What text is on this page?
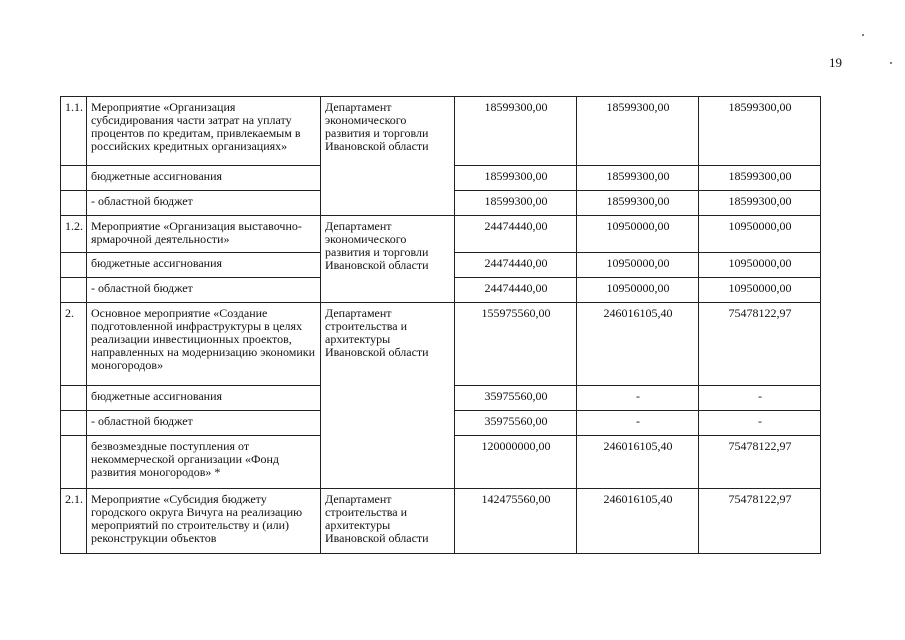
19
1.1.	Мероприятие «Организация субсидирования части затрат на уплату процентов по кредитам, привлекаемым в российских кредитных организациях»	Департамент экономического развития и торговли Ивановской области	18599300,00	18599300,00	18599300,00
	бюджетные ассигнования		18599300,00	18599300,00	18599300,00
	- областной бюджет		18599300,00	18599300,00	18599300,00
1.2.	Мероприятие «Организация выставочно-ярмарочной деятельности»	Департамент экономического развития и торговли Ивановской области	24474440,00	10950000,00	10950000,00
	бюджетные ассигнования		24474440,00	10950000,00	10950000,00
	- областной бюджет		24474440,00	10950000,00	10950000,00
2.	Основное мероприятие «Создание подготовленной инфраструктуры в целях реализации инвестиционных проектов, направленных на модернизацию экономики моногородов»	Департамент строительства и архитектуры Ивановской области	155975560,00	246016105,40	75478122,97
	бюджетные ассигнования		35975560,00	-	-
	- областной бюджет		35975560,00	-	-
	безвозмездные поступления от некоммерческой организации «Фонд развития моногородов» *		120000000,00	246016105,40	75478122,97
2.1.	Мероприятие «Субсидия бюджету городского округа Вичуга на реализацию мероприятий по строительству и (или) реконструкции объектов	Департамент строительства и архитектуры Ивановской области	142475560,00	246016105,40	75478122,97
